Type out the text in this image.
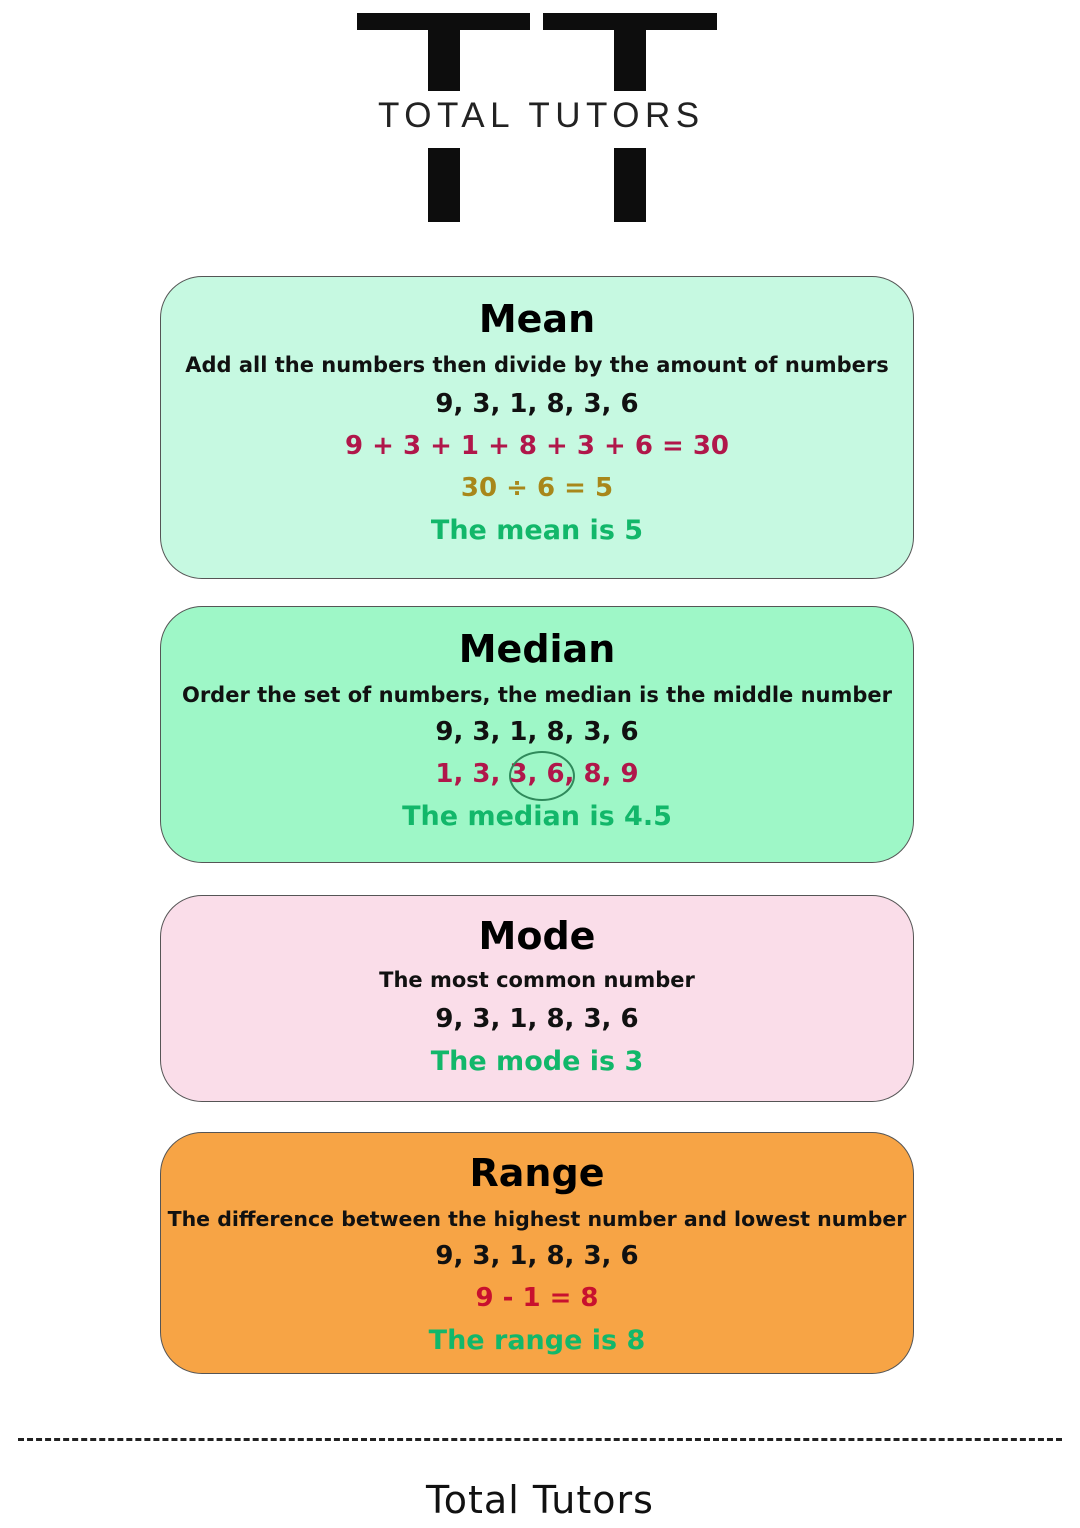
TOTAL TUTORS
Mean
Add all the numbers then divide by the amount of numbers
9, 3, 1, 8, 3, 6
9 + 3 + 1 + 8 + 3 + 6 = 30
30 ÷ 6 = 5
The mean is 5
Median
Order the set of numbers, the median is the middle number
9, 3, 1, 8, 3, 6
1, 3, 3, 6, 8, 9
The median is 4.5
Mode
The most common number
9, 3, 1, 8, 3, 6
The mode is 3
Range
The difference between the highest number and lowest number
9, 3, 1, 8, 3, 6
9 - 1 = 8
The range is 8
Total Tutors
